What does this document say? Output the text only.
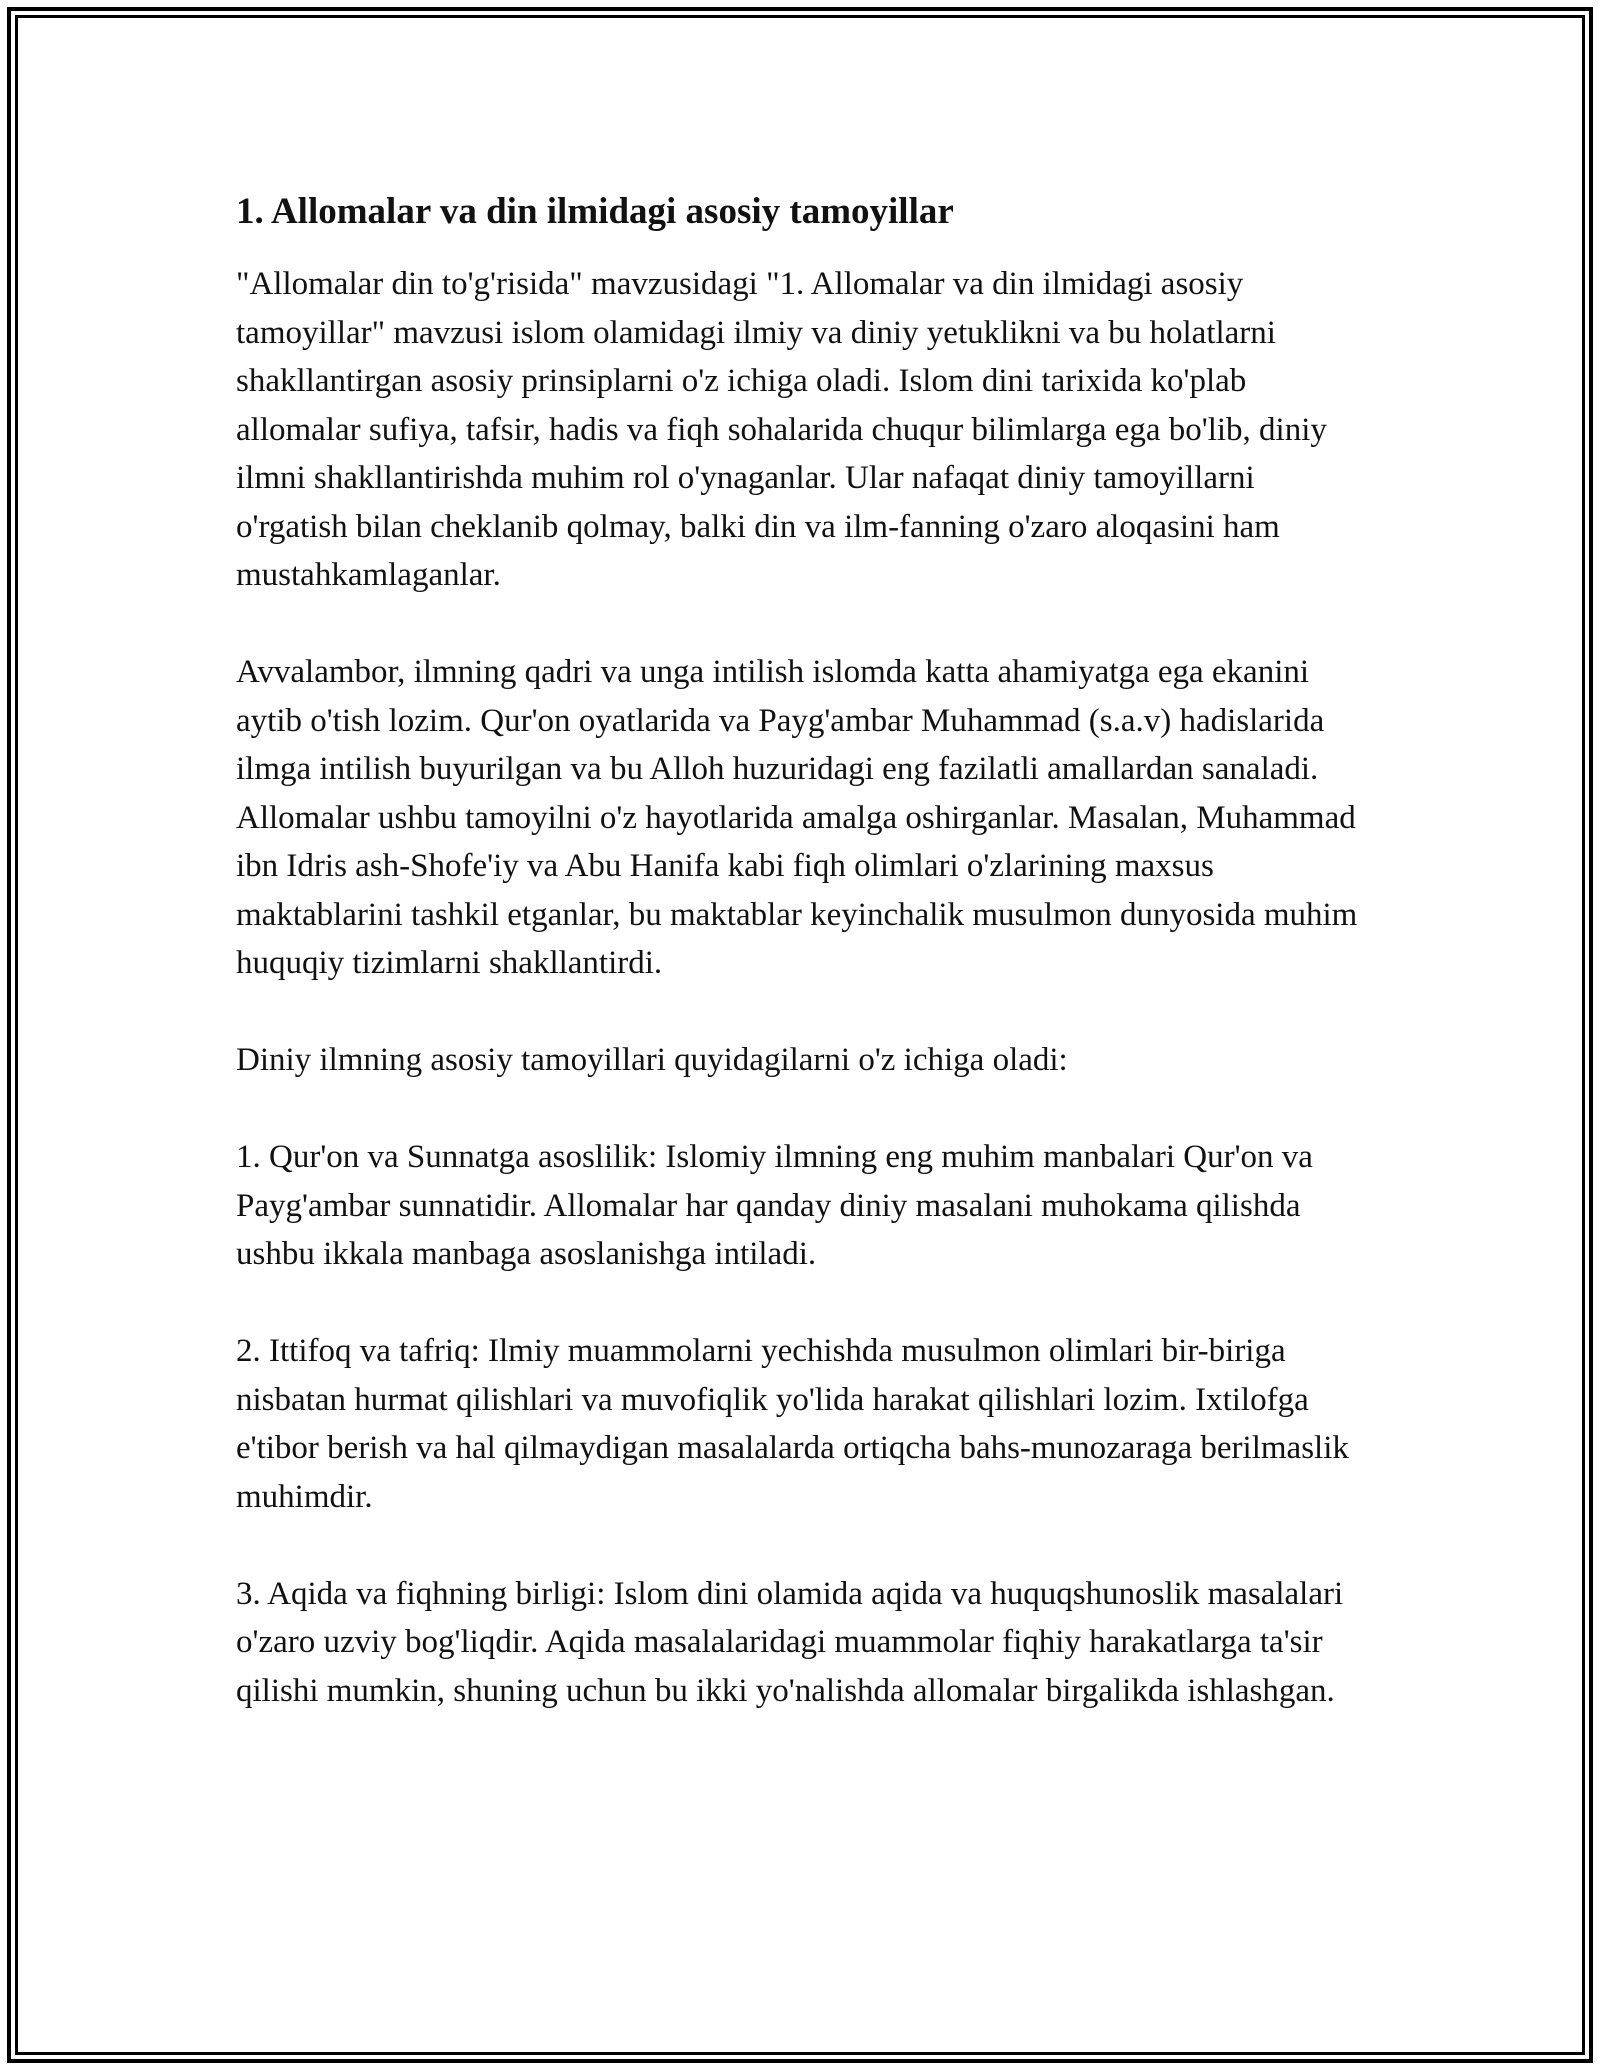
1. Allomalar va din ilmidagi asosiy tamoyillar

"Allomalar din to'g'risida" mavzusidagi "1. Allomalar va din ilmidagi asosiy tamoyillar" mavzusi islom olamidagi ilmiy va diniy yetuklikni va bu holatlarni shakllantirgan asosiy prinsiplarni o'z ichiga oladi. Islom dini tarixida ko'plab allomalar sufiya, tafsir, hadis va fiqh sohalarida chuqur bilimlarga ega bo'lib, diniy ilmni shakllantirishda muhim rol o'ynaganlar. Ular nafaqat diniy tamoyillarni o'rgatish bilan cheklanib qolmay, balki din va ilm-fanning o'zaro aloqasini ham mustahkamlaganlar.

Avvalambor, ilmning qadri va unga intilish islomda katta ahamiyatga ega ekanini aytib o'tish lozim. Qur'on oyatlarida va Payg'ambar Muhammad (s.a.v) hadislarida ilmga intilish buyurilgan va bu Alloh huzuridagi eng fazilatli amallardan sanaladi. Allomalar ushbu tamoyilni o'z hayotlarida amalga oshirganlar. Masalan, Muhammad ibn Idris ash-Shofe'iy va Abu Hanifa kabi fiqh olimlari o'zlarining maxsus maktablarini tashkil etganlar, bu maktablar keyinchalik musulmon dunyosida muhim huquqiy tizimlarni shakllantirdi.

Diniy ilmning asosiy tamoyillari quyidagilarni o'z ichiga oladi:

1. Qur'on va Sunnatga asoslilik: Islomiy ilmning eng muhim manbalari Qur'on va Payg'ambar sunnatidir. Allomalar har qanday diniy masalani muhokama qilishda ushbu ikkala manbaga asoslanishga intiladi.

2. Ittifoq va tafriq: Ilmiy muammolarni yechishda musulmon olimlari bir-biriga nisbatan hurmat qilishlari va muvofiqlik yo'lida harakat qilishlari lozim. Ixtilofga e'tibor berish va hal qilmaydigan masalalarda ortiqcha bahs-munozaraga berilmaslik muhimdir.

3. Aqida va fiqhning birligi: Islom dini olamida aqida va huquqshunoslik masalalari o'zaro uzviy bog'liqdir. Aqida masalalaridagi muammolar fiqhiy harakatlarga ta'sir qilishi mumkin, shuning uchun bu ikki yo'nalishda allomalar birgalikda ishlashgan.
